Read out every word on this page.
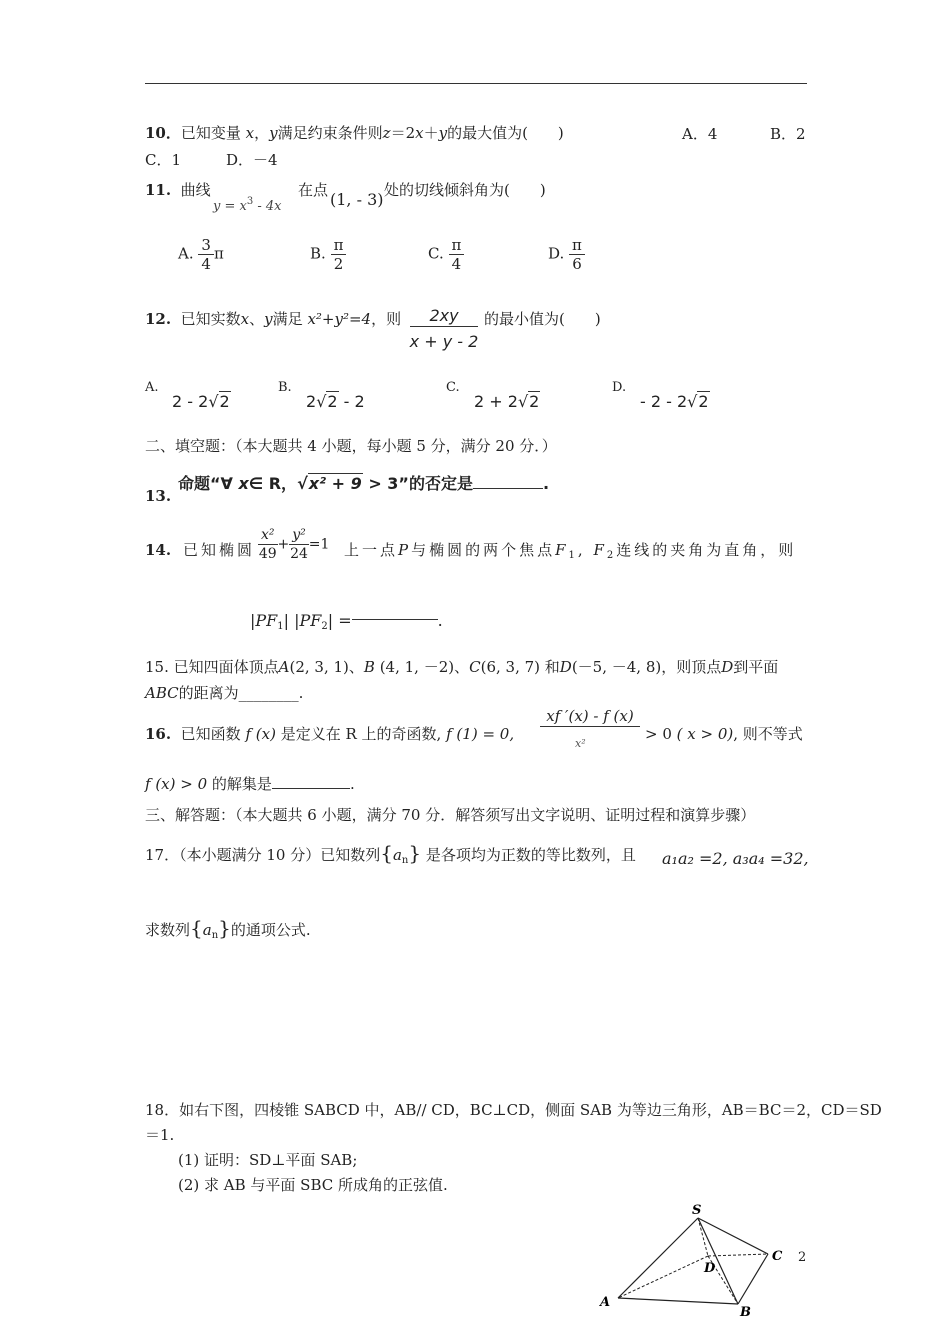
10．已知变量 x，y满足约束条件则z＝2x＋y的最大值为(　　)	A．4	B．2
C．1	D．－4
11. 曲线
$y = x^3 - 4x$
在点 (1, - 3) 处的切线倾斜角为(　　)
A. $\frac{3}{4}$ π	B. $\frac{\pi}{2}$	C. $\frac{\pi}{4}$	D. $\frac{\pi}{6}$
12. 已知实数x、y满足 x²+y²=4，则	2xy
x + y - 2
的最小值为(　　)
A.
2 - 2√2
B.
2√2 - 2
C.
2 + 2√2
D.
- 2 - 2√2
二、填空题：（本大题共 4 小题，每小题 5 分，满分 20 分．）
13.
命题“∀ x∈ R，√x² + 9 > 3”的否定是	.
14. 已知椭圆 $\frac{\text{x²}}{49} + \frac{\text{y²}}{24} =1$ 上一点P与椭圆的两个焦点$F_1$, $F_2$连线的夹角为直角，则
$|PF_1|$ $|PF_2|$ =	.
15. 已知四面体顶点A(2, 3, 1)、B (4, 1, －2)、C(6, 3, 7) 和D(－5, －4, 8)，则顶点D到平面
ABC的距离为________.
16. 已知函数 f (x) 是定义在 R 上的奇函数, f (1) = 0,
xf ′(x) - f (x)
x²
> 0 ( x > 0), 则不等式
f (x) > 0 的解集是	.
三、解答题：（本大题共 6 小题，满分 70 分．解答须写出文字说明、证明过程和演算步骤）
17．（本小题满分 10 分）已知数列$\{a_n\}$ 是各项均为正数的等比数列，且 a₁a₂ =2, a₃a₄ =32,
求数列$\{a_n\}$的通项公式.
18．如右下图，四棱锥 SABCD 中，AB// CD，BC⊥CD，侧面 SAB 为等边三角形，AB＝BC＝2，CD＝SD
＝1.
(1) 证明：SD⊥平面 SAB;
(2) 求 AB 与平面 SBC 所成角的正弦值.
S
A
B
C
D
2
